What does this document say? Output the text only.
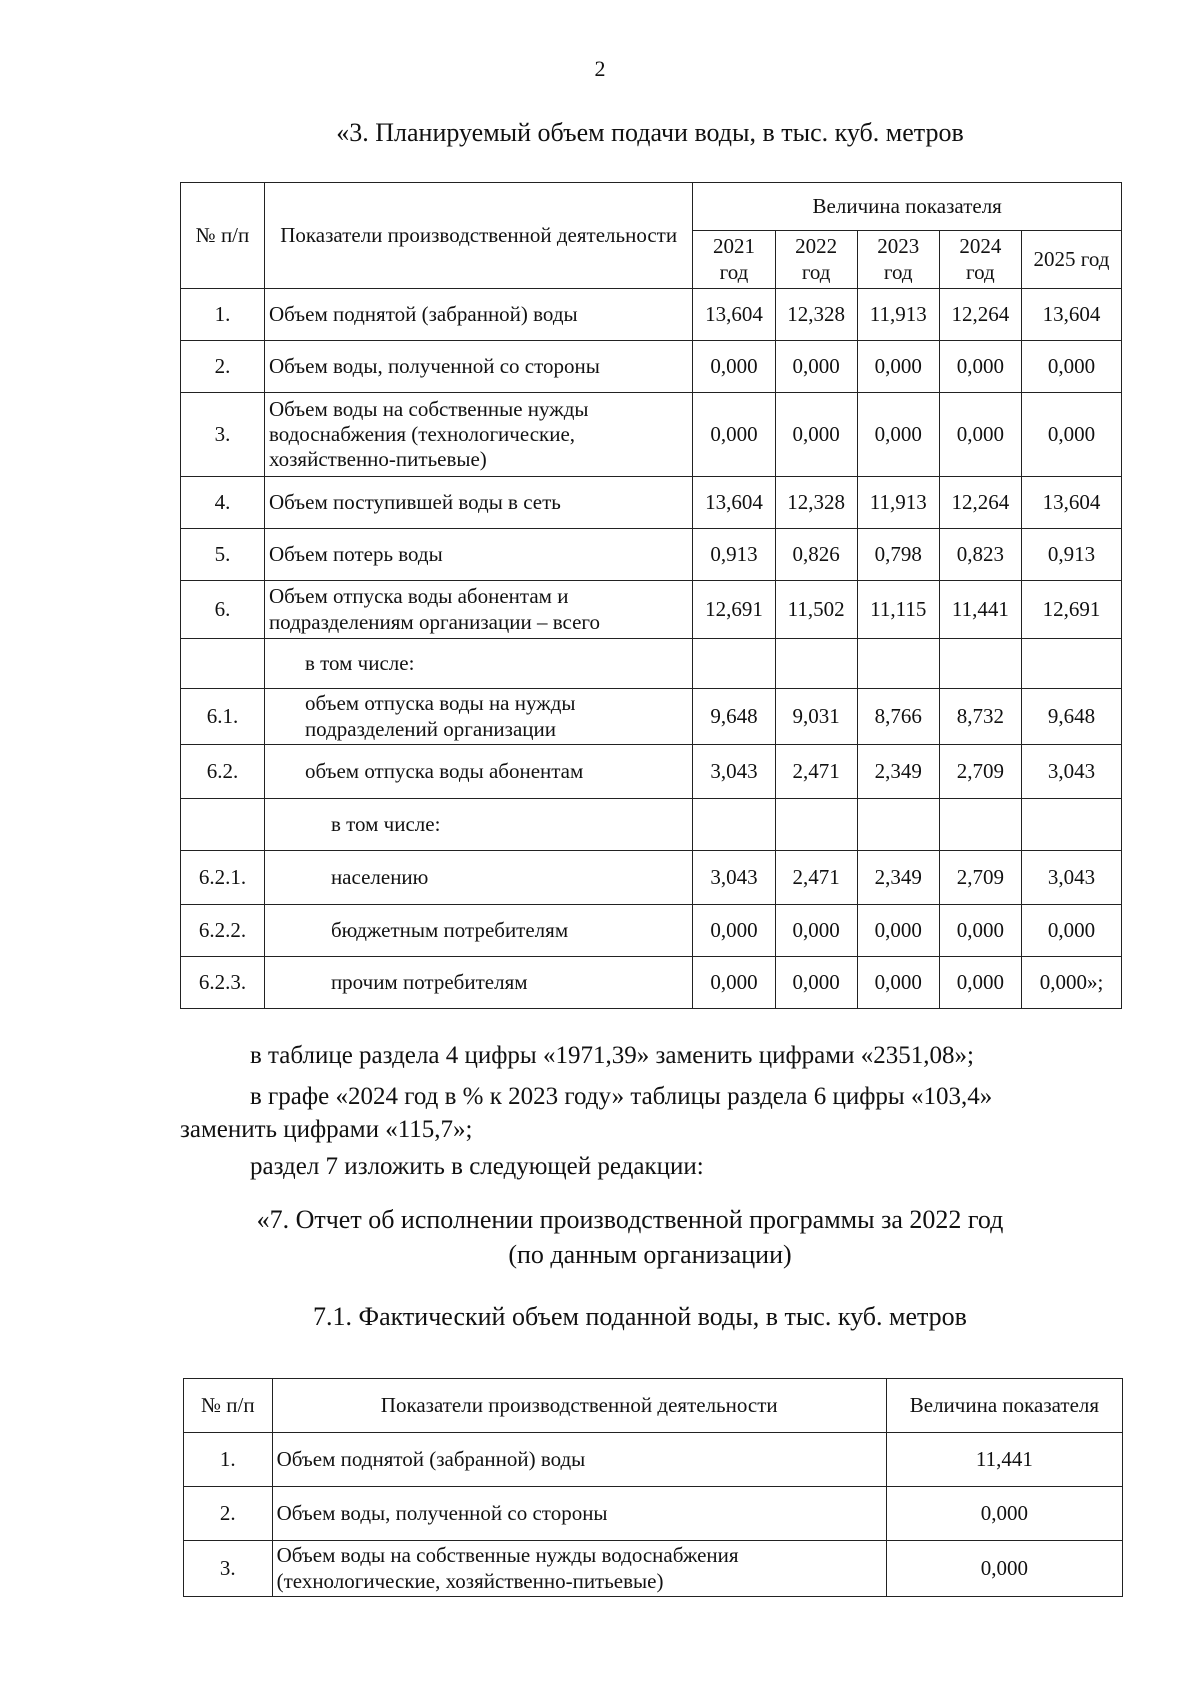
2
«3. Планируемый объем подачи воды, в тыс. куб. метров
№ п/п	Показатели производственной деятельности	Величина показателя				
		2021 год	2022 год	2023 год	2024 год	2025 год
1.	Объем поднятой (забранной) воды	13,604	12,328	11,913	12,264	13,604
2.	Объем воды, полученной со стороны	0,000	0,000	0,000	0,000	0,000
3.	Объем воды на собственные нужды водоснабжения (технологические, хозяйственно-питьевые)	0,000	0,000	0,000	0,000	0,000
4.	Объем поступившей воды в сеть	13,604	12,328	11,913	12,264	13,604
5.	Объем потерь воды	0,913	0,826	0,798	0,823	0,913
6.	Объем отпуска воды абонентам и подразделениям организации – всего	12,691	11,502	11,115	11,441	12,691
	в том числе:					
6.1.	объем отпуска воды на нужды подразделений организации	9,648	9,031	8,766	8,732	9,648
6.2.	объем отпуска воды абонентам	3,043	2,471	2,349	2,709	3,043
	в том числе:					
6.2.1.	населению	3,043	2,471	2,349	2,709	3,043
6.2.2.	бюджетным потребителям	0,000	0,000	0,000	0,000	0,000
6.2.3.	прочим потребителям	0,000	0,000	0,000	0,000	0,000»;
в таблице раздела 4 цифры «1971,39» заменить цифрами «2351,08»;
в графе «2024 год в % к 2023 году» таблицы раздела 6 цифры «103,4»
заменить цифрами «115,7»;
раздел 7 изложить в следующей редакции:
«7. Отчет об исполнении производственной программы за 2022 год
(по данным организации)
7.1. Фактический объем поданной воды, в тыс. куб. метров
№ п/п	Показатели производственной деятельности	Величина показателя
1.	Объем поднятой (забранной) воды	11,441
2.	Объем воды, полученной со стороны	0,000
3.	Объем воды на собственные нужды водоснабжения (технологические, хозяйственно-питьевые)	0,000
